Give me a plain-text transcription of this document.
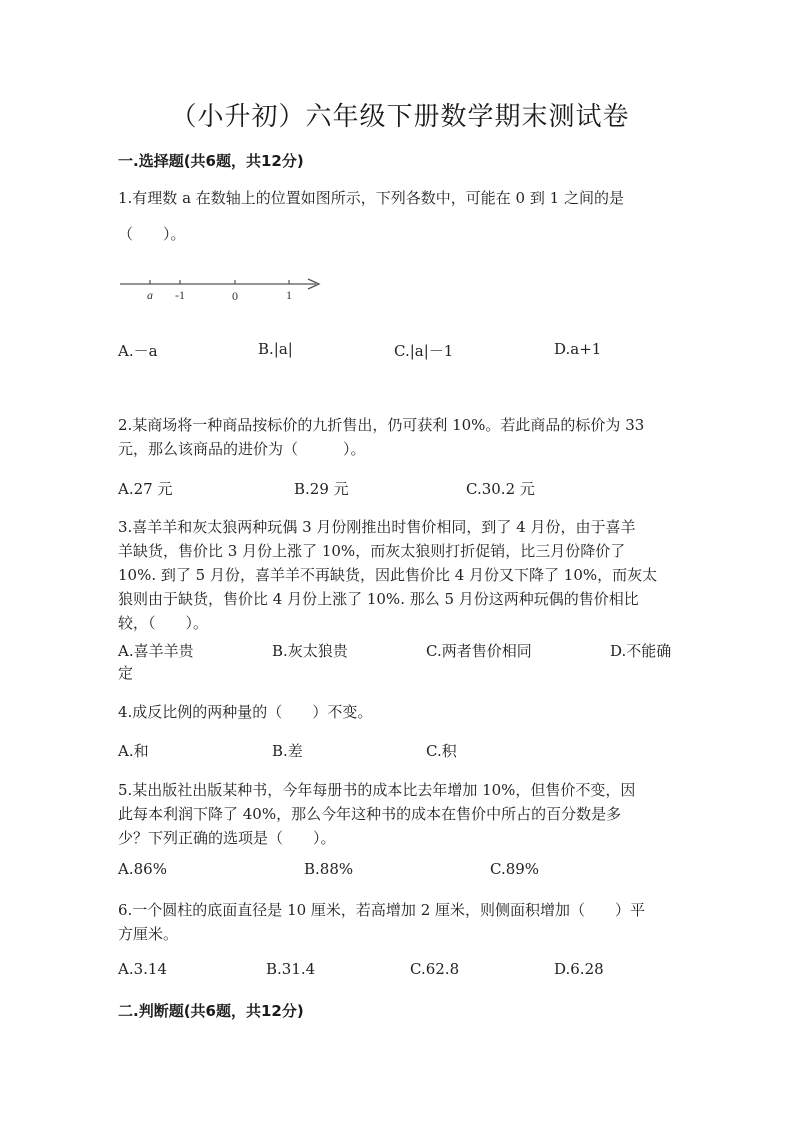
（小升初）六年级下册数学期末测试卷
一.选择题(共6题，共12分)
1.有理数 a 在数轴上的位置如图所示，下列各数中，可能在 0 到 1 之间的是
（　　）。
a -1	0	1
A.－a	B.|a|	C.|a|－1	D.a+1
2.某商场将一种商品按标价的九折售出，仍可获利 10%。若此商品的标价为 33
元，那么该商品的进价为（　　　）。
A.27 元	B.29 元	C.30.2 元
3.喜羊羊和灰太狼两种玩偶 3 月份刚推出时售价相同，到了 4 月份，由于喜羊
羊缺货，售价比 3 月份上涨了 10%，而灰太狼则打折促销，比三月份降价了
10%. 到了 5 月份，喜羊羊不再缺货，因此售价比 4 月份又下降了 10%，而灰太
狼则由于缺货，售价比 4 月份上涨了 10%. 那么 5 月份这两种玩偶的售价相比
较，（　　）。
A.喜羊羊贵	B.灰太狼贵	C.两者售价相同	D.不能确
定
4.成反比例的两种量的（　　）不变。
A.和	B.差	C.积
5.某出版社出版某种书，今年每册书的成本比去年增加 10%，但售价不变，因
此每本利润下降了 40%，那么今年这种书的成本在售价中所占的百分数是多
少？下列正确的选项是（　　）。
A.86%	B.88%	C.89%
6.一个圆柱的底面直径是 10 厘米，若高增加 2 厘米，则侧面积增加（　　）平
方厘米。
A.3.14	B.31.4	C.62.8	D.6.28
二.判断题(共6题，共12分)
